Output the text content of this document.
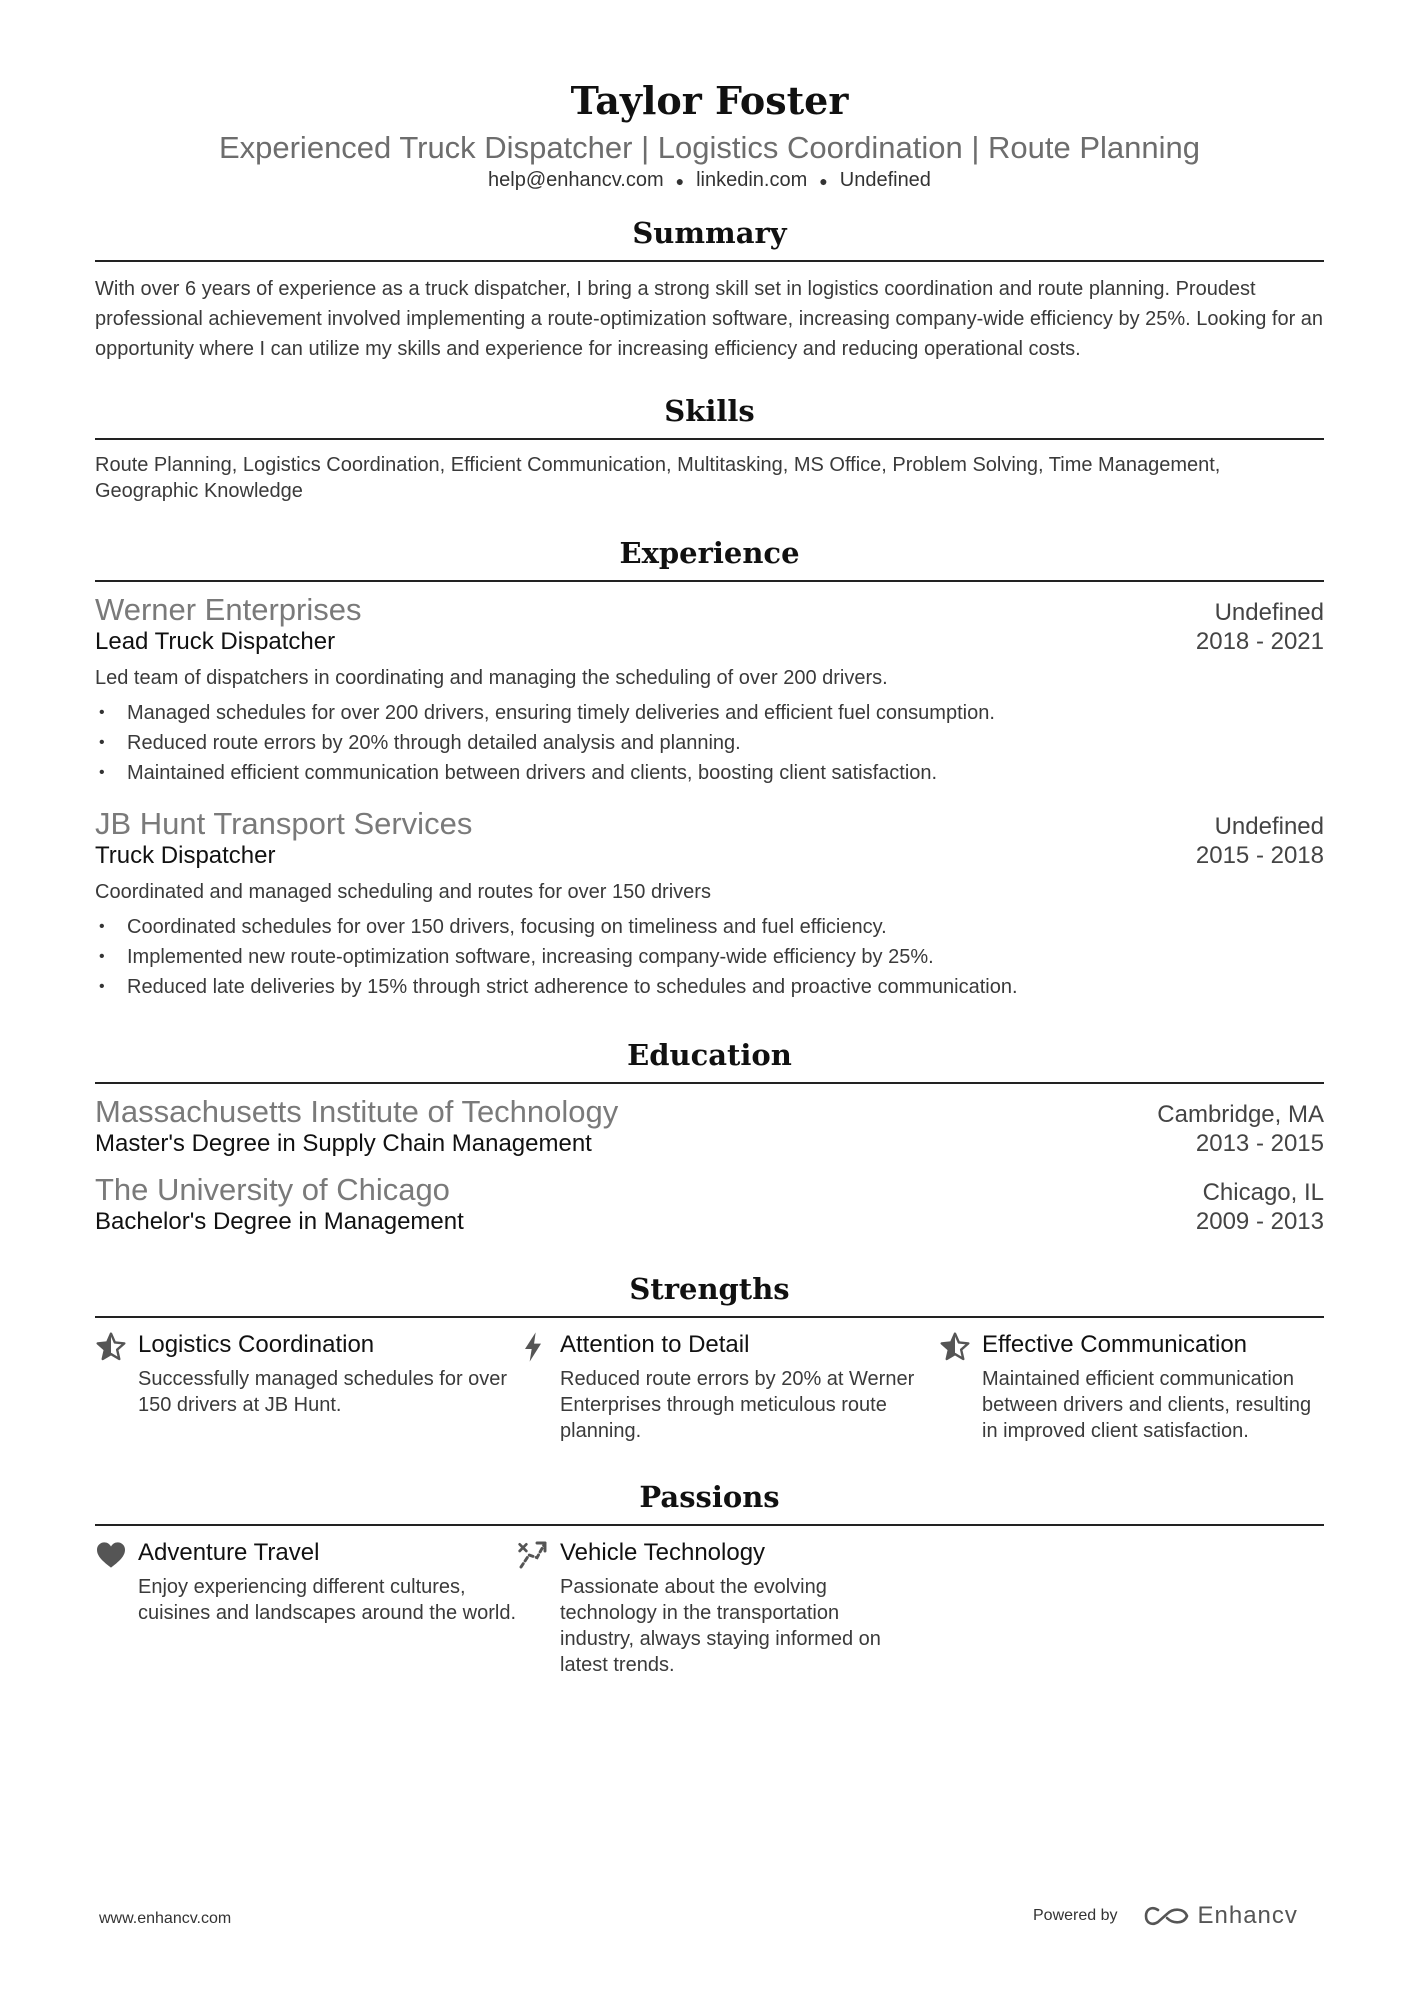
Taylor Foster
Experienced Truck Dispatcher | Logistics Coordination | Route Planning
help@enhancv.com ● linkedin.com ● Undefined
Summary
With over 6 years of experience as a truck dispatcher, I bring a strong skill set in logistics coordination and route planning. Proudest professional achievement involved implementing a route-optimization software, increasing company-wide efficiency by 25%. Looking for an opportunity where I can utilize my skills and experience for increasing efficiency and reducing operational costs.
Skills
Route Planning, Logistics Coordination, Efficient Communication, Multitasking, MS Office, Problem Solving, Time Management, Geographic Knowledge
Experience
Werner Enterprises	Undefined
Lead Truck Dispatcher	2018 - 2021
Led team of dispatchers in coordinating and managing the scheduling of over 200 drivers.
• Managed schedules for over 200 drivers, ensuring timely deliveries and efficient fuel consumption.
• Reduced route errors by 20% through detailed analysis and planning.
• Maintained efficient communication between drivers and clients, boosting client satisfaction.
JB Hunt Transport Services	Undefined
Truck Dispatcher	2015 - 2018
Coordinated and managed scheduling and routes for over 150 drivers
• Coordinated schedules for over 150 drivers, focusing on timeliness and fuel efficiency.
• Implemented new route-optimization software, increasing company-wide efficiency by 25%.
• Reduced late deliveries by 15% through strict adherence to schedules and proactive communication.
Education
Massachusetts Institute of Technology	Cambridge, MA
Master's Degree in Supply Chain Management	2013 - 2015
The University of Chicago	Chicago, IL
Bachelor's Degree in Management	2009 - 2013
Strengths
Logistics Coordination
Successfully managed schedules for over 150 drivers at JB Hunt.
Attention to Detail
Reduced route errors by 20% at Werner Enterprises through meticulous route planning.
Effective Communication
Maintained efficient communication between drivers and clients, resulting in improved client satisfaction.
Passions
Adventure Travel
Enjoy experiencing different cultures, cuisines and landscapes around the world.
Vehicle Technology
Passionate about the evolving technology in the transportation industry, always staying informed on latest trends.
www.enhancv.com	Powered by	Enhancv
